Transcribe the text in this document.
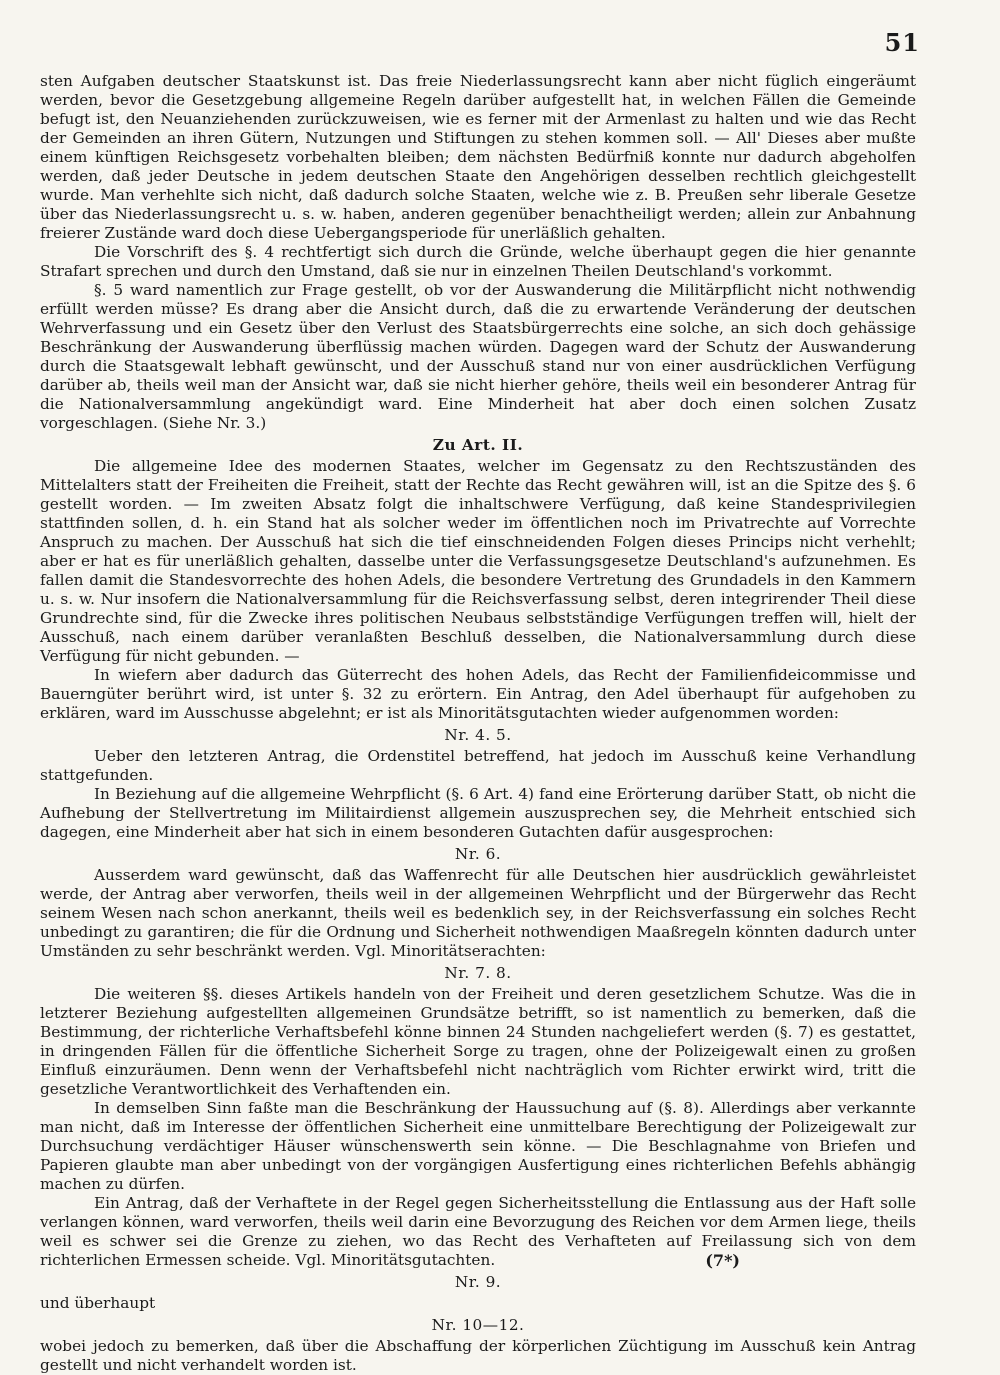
51

sten Aufgaben deutscher Staatskunst ist. Das freie Niederlassungsrecht kann aber nicht füglich eingeräumt werden, bevor die Gesetzgebung allgemeine Regeln darüber aufgestellt hat, in welchen Fällen die Gemeinde befugt ist, den Neuanziehenden zurückzuweisen, wie es ferner mit der Armenlast zu halten und wie das Recht der Gemeinden an ihren Gütern, Nutzungen und Stiftungen zu stehen kommen soll. — All' Dieses aber mußte einem künftigen Reichsgesetz vorbehalten bleiben; dem nächsten Bedürfniß konnte nur dadurch abgeholfen werden, daß jeder Deutsche in jedem deutschen Staate den Angehörigen desselben rechtlich gleichgestellt wurde. Man verhehlte sich nicht, daß dadurch solche Staaten, welche wie z. B. Preußen sehr liberale Gesetze über das Niederlassungsrecht u. s. w. haben, anderen gegenüber benachtheiligt werden; allein zur Anbahnung freierer Zustände ward doch diese Uebergangsperiode für unerläßlich gehalten.

Die Vorschrift des §. 4 rechtfertigt sich durch die Gründe, welche überhaupt gegen die hier genannte Strafart sprechen und durch den Umstand, daß sie nur in einzelnen Theilen Deutschland's vorkommt.

§. 5 ward namentlich zur Frage gestellt, ob vor der Auswanderung die Militärpflicht nicht nothwendig erfüllt werden müsse? Es drang aber die Ansicht durch, daß die zu erwartende Veränderung der deutschen Wehrverfassung und ein Gesetz über den Verlust des Staatsbürgerrechts eine solche, an sich doch gehässige Beschränkung der Auswanderung überflüssig machen würden. Dagegen ward der Schutz der Auswanderung durch die Staatsgewalt lebhaft gewünscht, und der Ausschuß stand nur von einer ausdrücklichen Verfügung darüber ab, theils weil man der Ansicht war, daß sie nicht hierher gehöre, theils weil ein besonderer Antrag für die Nationalversammlung angekündigt ward. Eine Minderheit hat aber doch einen solchen Zusatz vorgeschlagen. (Siehe Nr. 3.)

Zu Art. II.

Die allgemeine Idee des modernen Staates, welcher im Gegensatz zu den Rechtszuständen des Mittelalters statt der Freiheiten die Freiheit, statt der Rechte das Recht gewähren will, ist an die Spitze des §. 6 gestellt worden. — Im zweiten Absatz folgt die inhaltschwere Verfügung, daß keine Standesprivilegien stattfinden sollen, d. h. ein Stand hat als solcher weder im öffentlichen noch im Privatrechte auf Vorrechte Anspruch zu machen. Der Ausschuß hat sich die tief einschneidenden Folgen dieses Princips nicht verhehlt; aber er hat es für unerläßlich gehalten, dasselbe unter die Verfassungsgesetze Deutschland's aufzunehmen. Es fallen damit die Standesvorrechte des hohen Adels, die besondere Vertretung des Grundadels in den Kammern u. s. w. Nur insofern die Nationalversammlung für die Reichsverfassung selbst, deren integrirender Theil diese Grundrechte sind, für die Zwecke ihres politischen Neubaus selbstständige Verfügungen treffen will, hielt der Ausschuß, nach einem darüber veranlaßten Beschluß desselben, die Nationalversammlung durch diese Verfügung für nicht gebunden. —

In wiefern aber dadurch das Güterrecht des hohen Adels, das Recht der Familienfideicommisse und Bauerngüter berührt wird, ist unter §. 32 zu erörtern. Ein Antrag, den Adel überhaupt für aufgehoben zu erklären, ward im Ausschusse abgelehnt; er ist als Minoritätsgutachten wieder aufgenommen worden:

Nr. 4. 5.

Ueber den letzteren Antrag, die Ordenstitel betreffend, hat jedoch im Ausschuß keine Verhandlung stattgefunden.

In Beziehung auf die allgemeine Wehrpflicht (§. 6 Art. 4) fand eine Erörterung darüber Statt, ob nicht die Aufhebung der Stellvertretung im Militairdienst allgemein auszusprechen sey, die Mehrheit entschied sich dagegen, eine Minderheit aber hat sich in einem besonderen Gutachten dafür ausgesprochen:

Nr. 6.

Ausserdem ward gewünscht, daß das Waffenrecht für alle Deutschen hier ausdrücklich gewährleistet werde, der Antrag aber verworfen, theils weil in der allgemeinen Wehrpflicht und der Bürgerwehr das Recht seinem Wesen nach schon anerkannt, theils weil es bedenklich sey, in der Reichsverfassung ein solches Recht unbedingt zu garantiren; die für die Ordnung und Sicherheit nothwendigen Maaßregeln könnten dadurch unter Umständen zu sehr beschränkt werden. Vgl. Minoritätserachten:

Nr. 7. 8.

Die weiteren §§. dieses Artikels handeln von der Freiheit und deren gesetzlichem Schutze. Was die in letzterer Beziehung aufgestellten allgemeinen Grundsätze betrifft, so ist namentlich zu bemerken, daß die Bestimmung, der richterliche Verhaftsbefehl könne binnen 24 Stunden nachgeliefert werden (§. 7) es gestattet, in dringenden Fällen für die öffentliche Sicherheit Sorge zu tragen, ohne der Polizeigewalt einen zu großen Einfluß einzuräumen. Denn wenn der Verhaftsbefehl nicht nachträglich vom Richter erwirkt wird, tritt die gesetzliche Verantwortlichkeit des Verhaftenden ein.

In demselben Sinn faßte man die Beschränkung der Haussuchung auf (§. 8). Allerdings aber verkannte man nicht, daß im Interesse der öffentlichen Sicherheit eine unmittelbare Berechtigung der Polizeigewalt zur Durchsuchung verdächtiger Häuser wünschenswerth sein könne. — Die Beschlagnahme von Briefen und Papieren glaubte man aber unbedingt von der vorgängigen Ausfertigung eines richterlichen Befehls abhängig machen zu dürfen.

Ein Antrag, daß der Verhaftete in der Regel gegen Sicherheitsstellung die Entlassung aus der Haft solle verlangen können, ward verworfen, theils weil darin eine Bevorzugung des Reichen vor dem Armen liege, theils weil es schwer sei die Grenze zu ziehen, wo das Recht des Verhafteten auf Freilassung sich von dem richterlichen Ermessen scheide. Vgl. Minoritätsgutachten.

Nr. 9.

und überhaupt

Nr. 10—12.

wobei jedoch zu bemerken, daß über die Abschaffung der körperlichen Züchtigung im Ausschuß kein Antrag gestellt und nicht verhandelt worden ist.

(7*)
